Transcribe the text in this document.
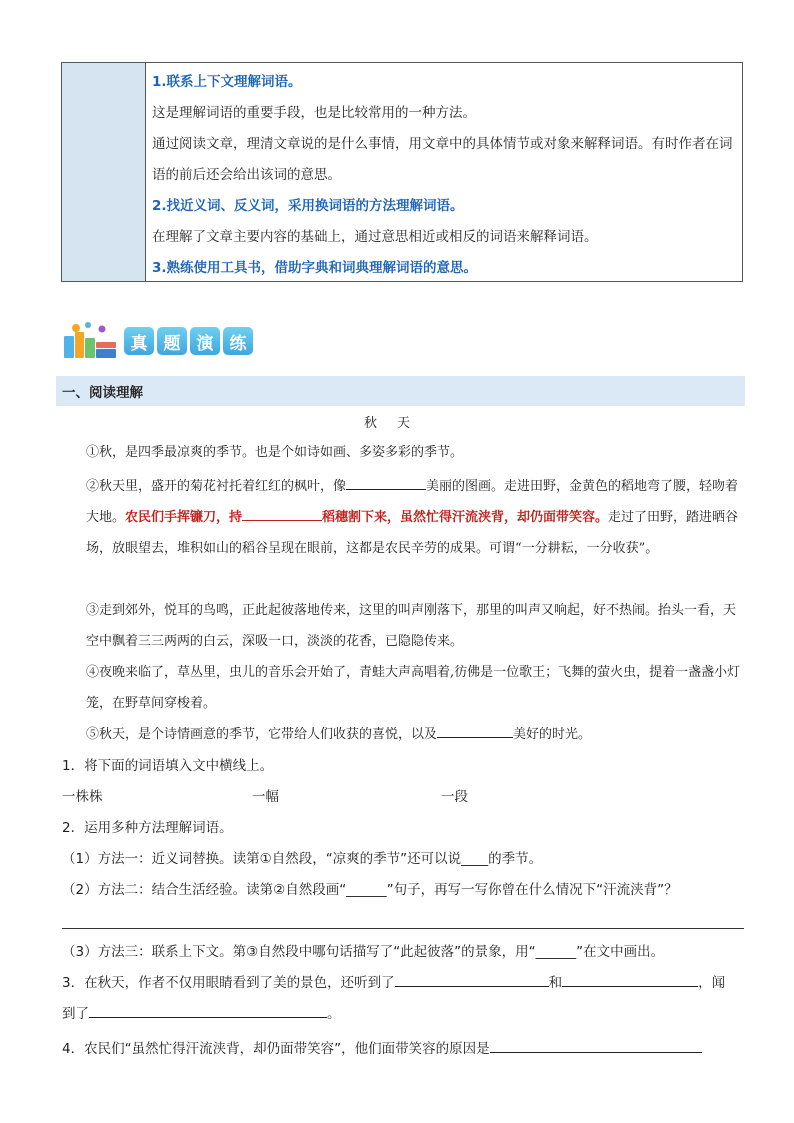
1.联系上下文理解词语。
这是理解词语的重要手段，也是比较常用的一种方法。
通过阅读文章，理清文章说的是什么事情，用文章中的具体情节或对象来解释词语。有时作者在词语的前后还会给出该词的意思。
2.找近义词、反义词，采用换词语的方法理解词语。
在理解了文章主要内容的基础上，通过意思相近或相反的词语来解释词语。
3.熟练使用工具书，借助字典和词典理解词语的意思。
真 题 演 练
一、阅读理解
秋天
①秋，是四季最凉爽的季节。也是个如诗如画、多姿多彩的季节。
②秋天里，盛开的菊花衬托着红红的枫叶，像	美丽的图画。走进田野，金黄色的稻地弯了腰，轻吻着大地。农民们手挥镰刀，持	稻穗割下来，虽然忙得汗流浃背，却仍面带笑容。走过了田野，踏进晒谷场，放眼望去，堆积如山的稻谷呈现在眼前，这都是农民辛劳的成果。可谓“一分耕耘，一分收获”。
③走到郊外，悦耳的鸟鸣，正此起彼落地传来，这里的叫声刚落下，那里的叫声又响起，好不热闹。抬头一看，天空中飘着三三两两的白云，深吸一口，淡淡的花香，已隐隐传来。
④夜晚来临了，草丛里，虫儿的音乐会开始了，青蛙大声高唱着,彷佛是一位歌王；飞舞的萤火虫，提着一盏盏小灯笼，在野草间穿梭着。
⑤秋天，是个诗情画意的季节，它带给人们收获的喜悦，以及	美好的时光。
1．将下面的词语填入文中横线上。
一株株	一幅	一段
2．运用多种方法理解词语。
（1）方法一：近义词替换。读第①自然段，“凉爽的季节”还可以说____的季节。
（2）方法二：结合生活经验。读第②自然段画“______”句子，再写一写你曾在什么情况下“汗流浃背”？
（3）方法三：联系上下文。第③自然段中哪句话描写了“此起彼落”的景象，用“______”在文中画出。
3．在秋天，作者不仅用眼睛看到了美的景色，还听到了	和	，闻
到了	。
4．农民们“虽然忙得汗流浃背，却仍面带笑容”，他们面带笑容的原因是
